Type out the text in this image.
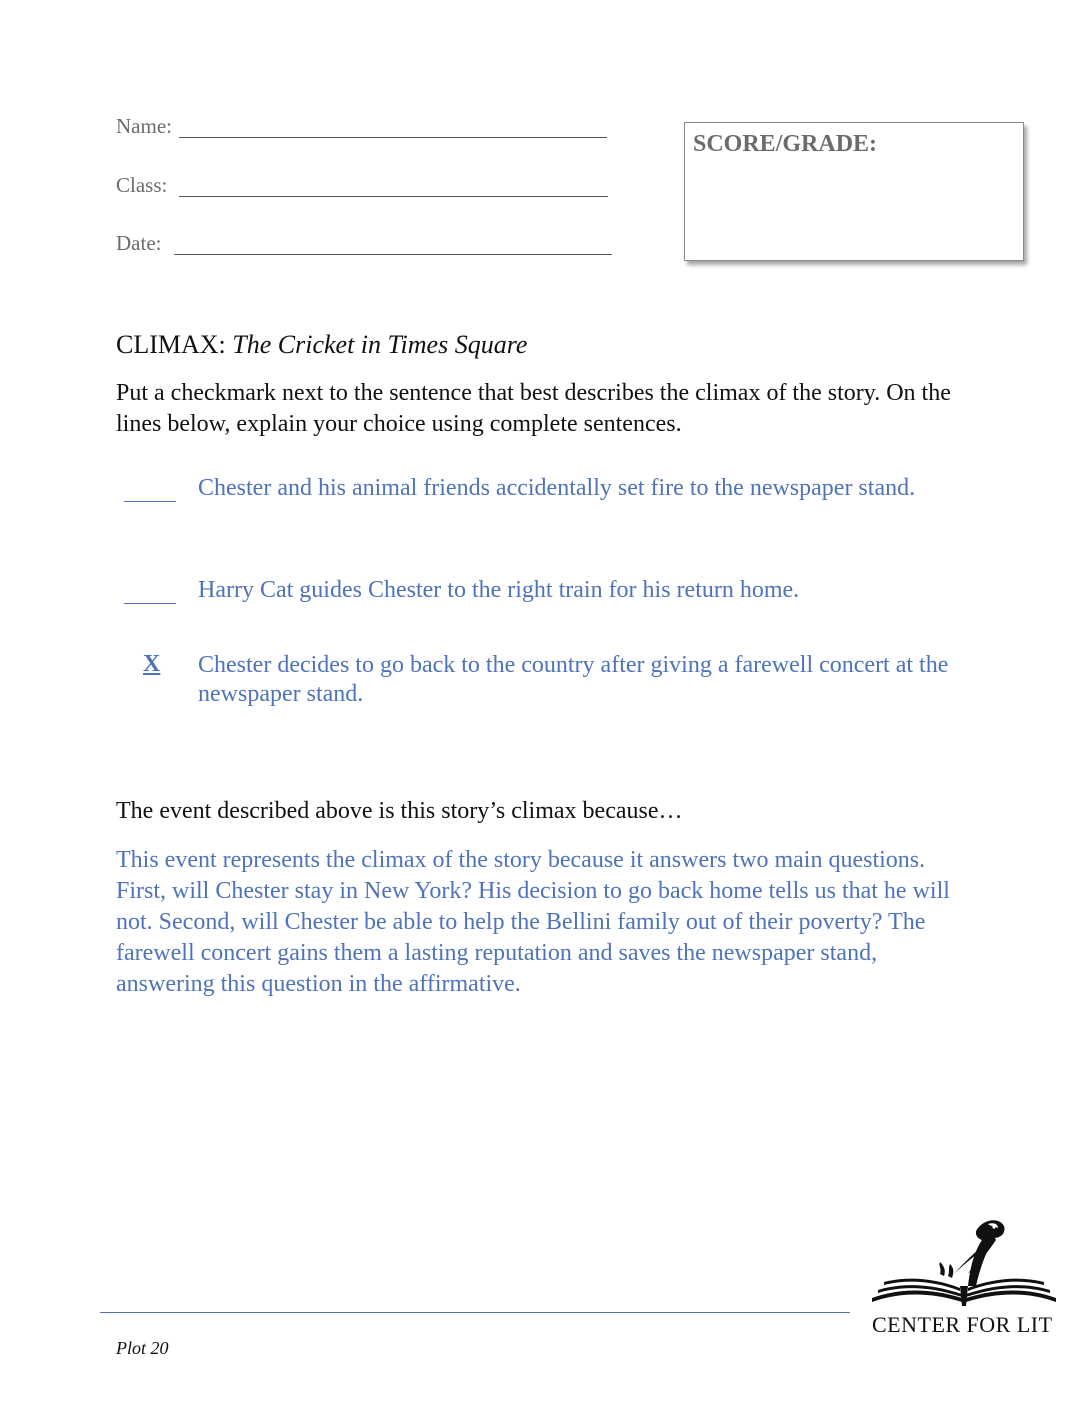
Name:
Class:
Date:
SCORE/GRADE:
CLIMAX: The Cricket in Times Square
Put a checkmark next to the sentence that best describes the climax of the story. On the lines below, explain your choice using complete sentences.
Chester and his animal friends accidentally set fire to the newspaper stand.
Harry Cat guides Chester to the right train for his return home.
X Chester decides to go back to the country after giving a farewell concert at the newspaper stand.
The event described above is this story’s climax because…
This event represents the climax of the story because it answers two main questions. First, will Chester stay in New York? His decision to go back home tells us that he will not. Second, will Chester be able to help the Bellini family out of their poverty? The farewell concert gains them a lasting reputation and saves the newspaper stand, answering this question in the affirmative.
Plot 20
CENTER FOR LIT
